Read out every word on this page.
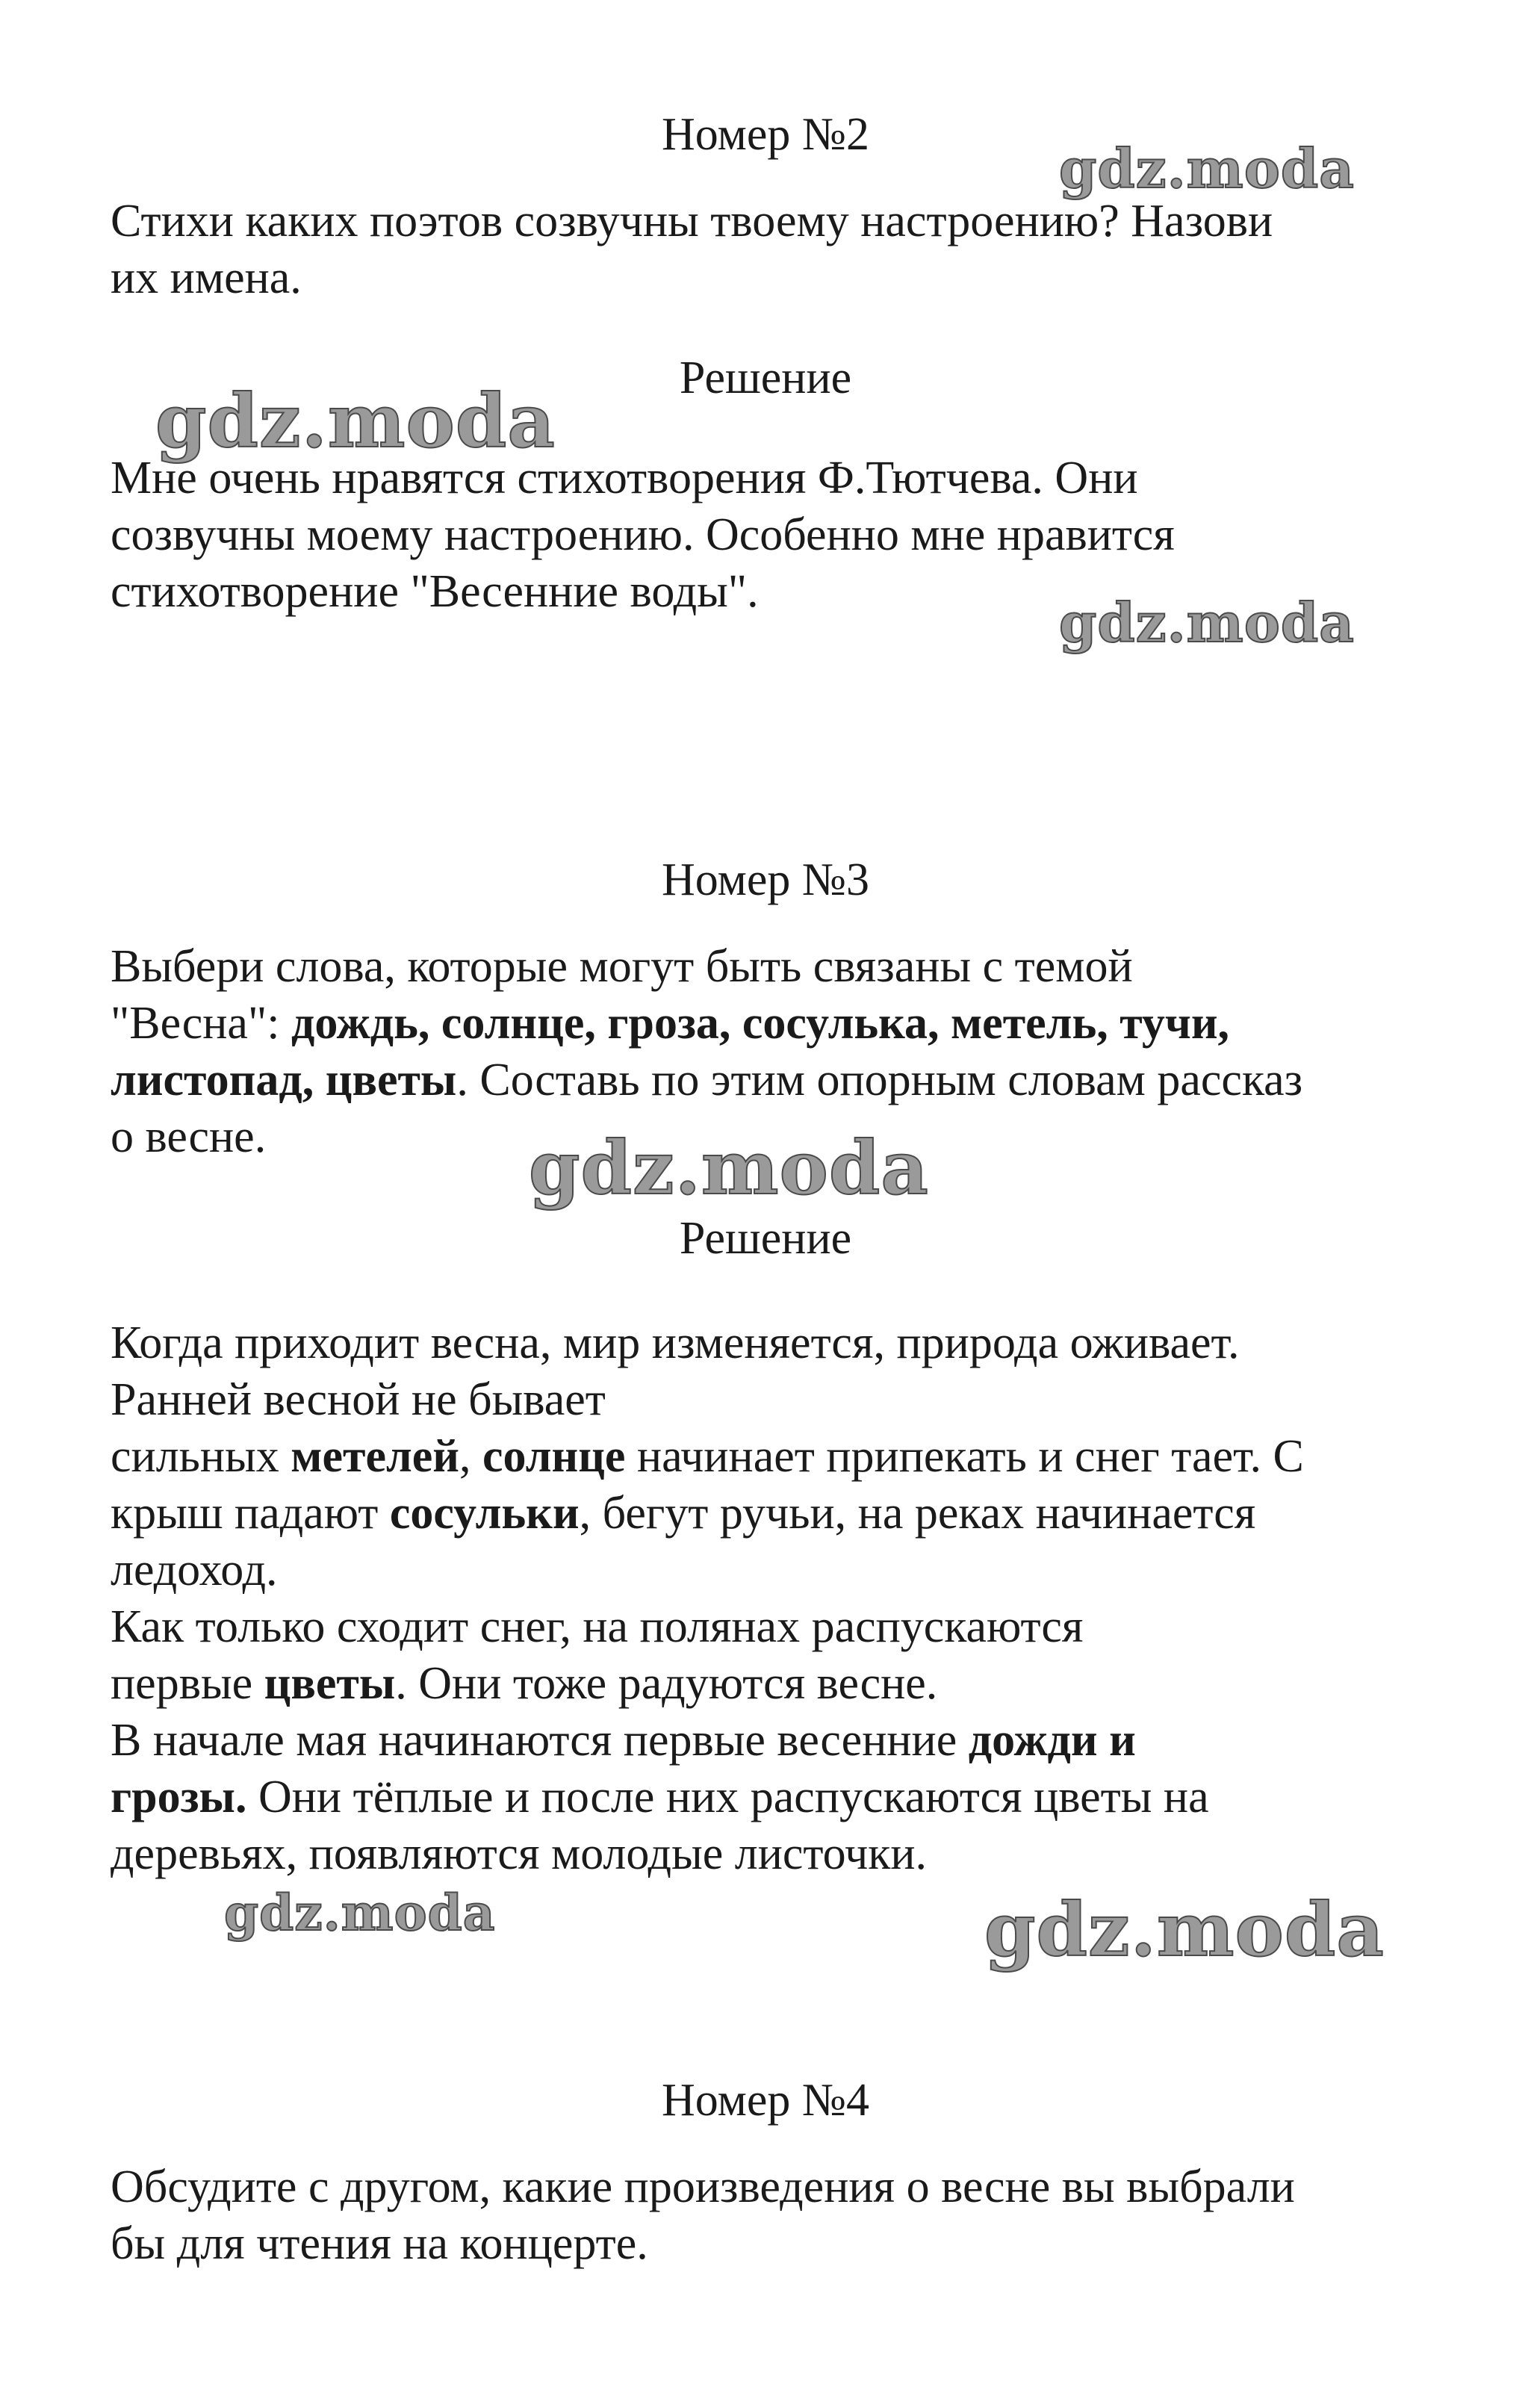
Номер №2

Стихи каких поэтов созвучны твоему настроению? Назови

их имена.

Решение

Мне очень нравятся стихотворения Ф.Тютчева. Они

созвучны моему настроению. Особенно мне нравится

стихотворение "Весенние воды".

Номер №3

Выбери слова, которые могут быть связаны с темой

"Весна": дождь, солнце, гроза, сосулька, метель, тучи,

листопад, цветы. Составь по этим опорным словам рассказ

о весне.

Решение

Когда приходит весна, мир изменяется, природа оживает.

Ранней весной не бывает

сильных метелей, солнце начинает припекать и снег тает. С

крыш падают сосульки, бегут ручьи, на реках начинается

ледоход.

Как только сходит снег, на полянах распускаются

первые цветы. Они тоже радуются весне.

В начале мая начинаются первые весенние дожди и

грозы. Они тёплые и после них распускаются цветы на

деревьях, появляются молодые листочки.

Номер №4

Обсудите с другом, какие произведения о весне вы выбрали

бы для чтения на концерте.

gdz.moda
gdz.moda
gdz.moda
gdz.moda
gdz.moda	gdz.moda
